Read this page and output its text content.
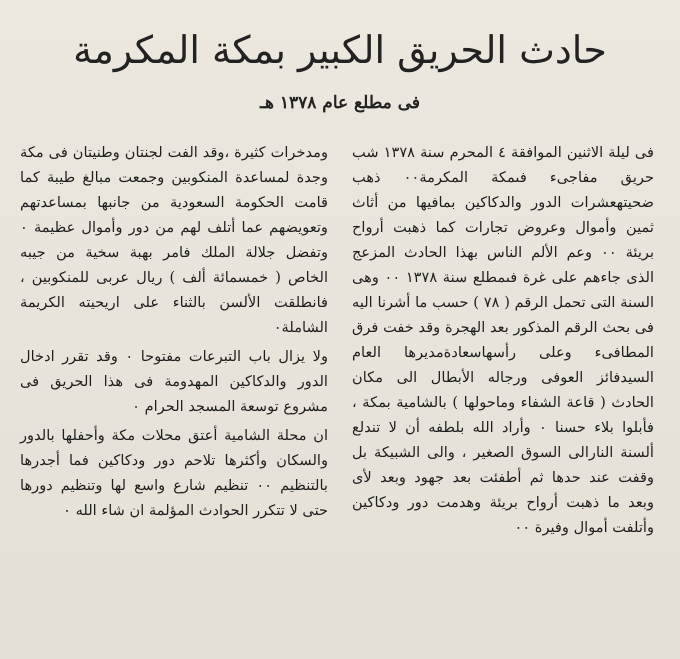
حادث الحريق الكبير بمكة المكرمة
فى مطلع عام ١٣٧٨ هـ

فى ليلة الاثنين الموافقة ٤ المحرم سنة ١٣٧٨ شب حريق مفاجىء فىمكة المكرمة٠٠ ذهب ضحيتهعشرات الدور والدكاكين بمافيها من أثاث ثمين وأموال وعروض تجارات كما ذهبت أرواح بريئة ٠٠ وعم الألم الناس بهذا الحادث المزعج الذى جاءهم على غرة فىمطلع سنة ١٣٧٨ ٠٠ وهى السنة التى تحمل الرقم ( ٧٨ ) حسب ما أشرنا اليه فى بحث الرقم المذكور بعد الهجرة وقد خفت فرق المطافىء وعلى رأسهاسعادةمديرها العام السيدفائز العوفى ورجاله الأبطال الى مكان الحادث ( قاعة الشفاء وماحولها ) بالشامية بمكة ، فأبلوا بلاء حسنا ٠ وأراد الله بلطفه أن لا تندلع ألسنة النارالى السوق الصغير ، والى الشبيكة بل وقفت عند حدها ثم أطفئت بعد جهود وبعد لأى وبعد ما ذهبت أرواح بريئة وهدمت دور ودكاكين وأتلفت أموال وفيرة ٠٠

ومدخرات كثيرة ،وقد الفت لجنتان وطنيتان فى مكة وجدة لمساعدة المنكوبين وجمعت مبالغ طيبة كما قامت الحكومة السعودية من جانبها بمساعدتهم وتعويضهم عما أتلف لهم من دور وأموال عظيمة ٠ وتفضل جلالة الملك فامر بهبة سخية من جيبه الخاص ( خمسمائة ألف ) ريال عربى للمنكوبين ، فانطلقت الألسن بالثناء على اريحيته الكريمة الشاملة٠

ولا يزال باب التبرعات مفتوحا ٠ وقد تقرر ادخال الدور والدكاكين المهدومة فى هذا الحريق فى مشروع توسعة المسجد الحرام ٠

ان محلة الشامية أعتق محلات مكة وأحفلها بالدور والسكان وأكثرها تلاحم دور ودكاكين فما أجدرها بالتنظيم ٠٠ تنظيم شارع واسع لها وتنظيم دورها حتى لا تتكرر الحوادث المؤلمة ان شاء الله ٠
